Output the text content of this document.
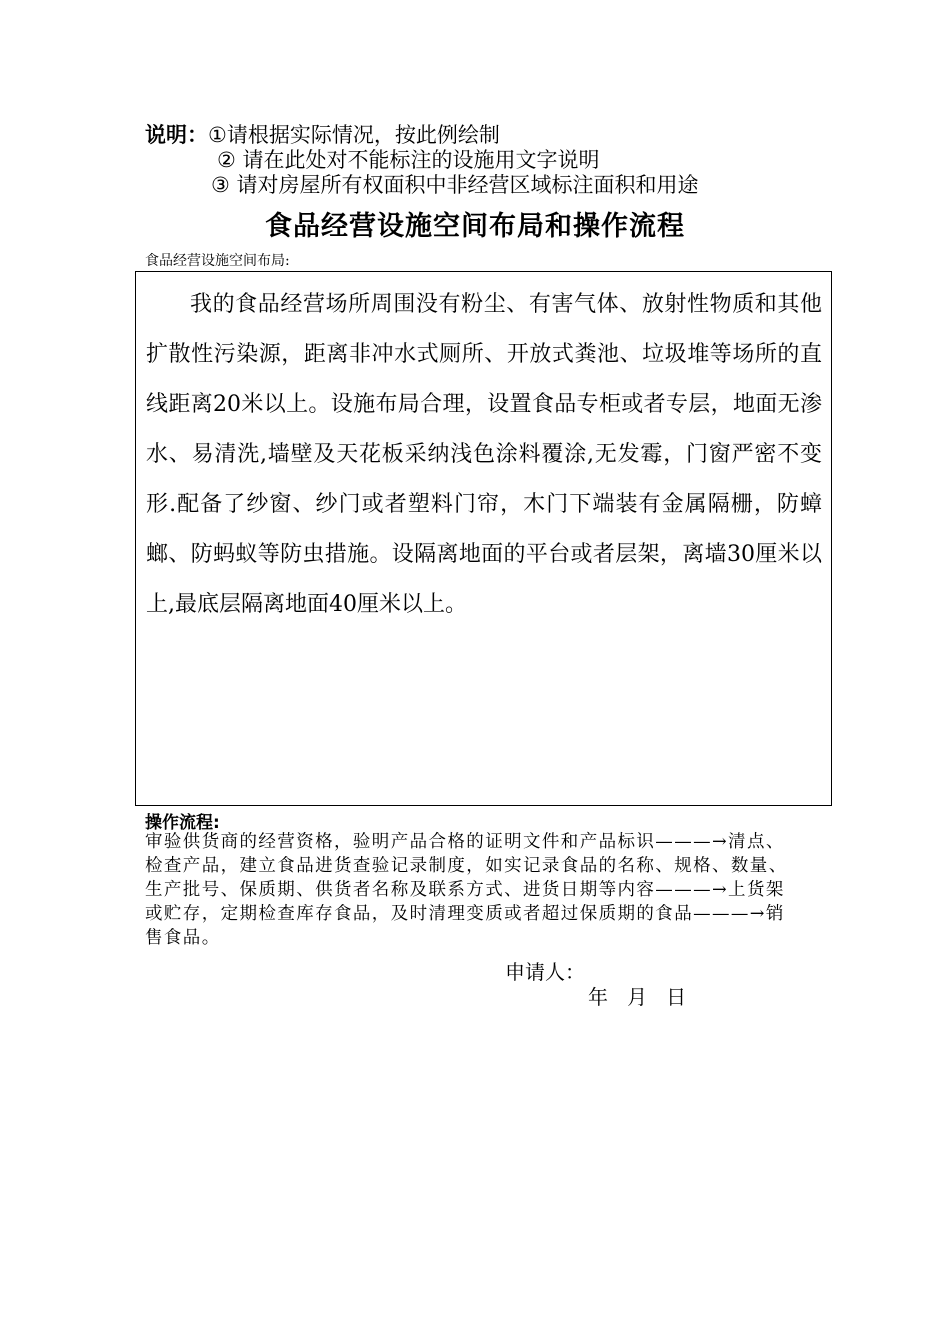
说明：①请根据实际情况，按此例绘制
② 请在此处对不能标注的设施用文字说明
③ 请对房屋所有权面积中非经营区域标注面积和用途
食品经营设施空间布局和操作流程
食品经营设施空间布局:
我的食品经营场所周围没有粉尘、有害气体、放射性物质和其他扩散性污染源，距离非冲水式厕所、开放式粪池、垃圾堆等场所的直线距离20米以上。设施布局合理，设置食品专柜或者专层，地面无渗水、易清洗,墙壁及天花板采纳浅色涂料覆涂,无发霉，门窗严密不变形.配备了纱窗、纱门或者塑料门帘，木门下端装有金属隔栅，防蟑螂、防蚂蚁等防虫措施。设隔离地面的平台或者层架，离墙30厘米以上,最底层隔离地面40厘米以上。
操作流程:
审验供货商的经营资格，验明产品合格的证明文件和产品标识———→清点、检查产品，建立食品进货查验记录制度，如实记录食品的名称、规格、数量、生产批号、保质期、供货者名称及联系方式、进货日期等内容———→上货架或贮存，定期检查库存食品，及时清理变质或者超过保质期的食品———→销售食品。
申请人：
年   月   日
